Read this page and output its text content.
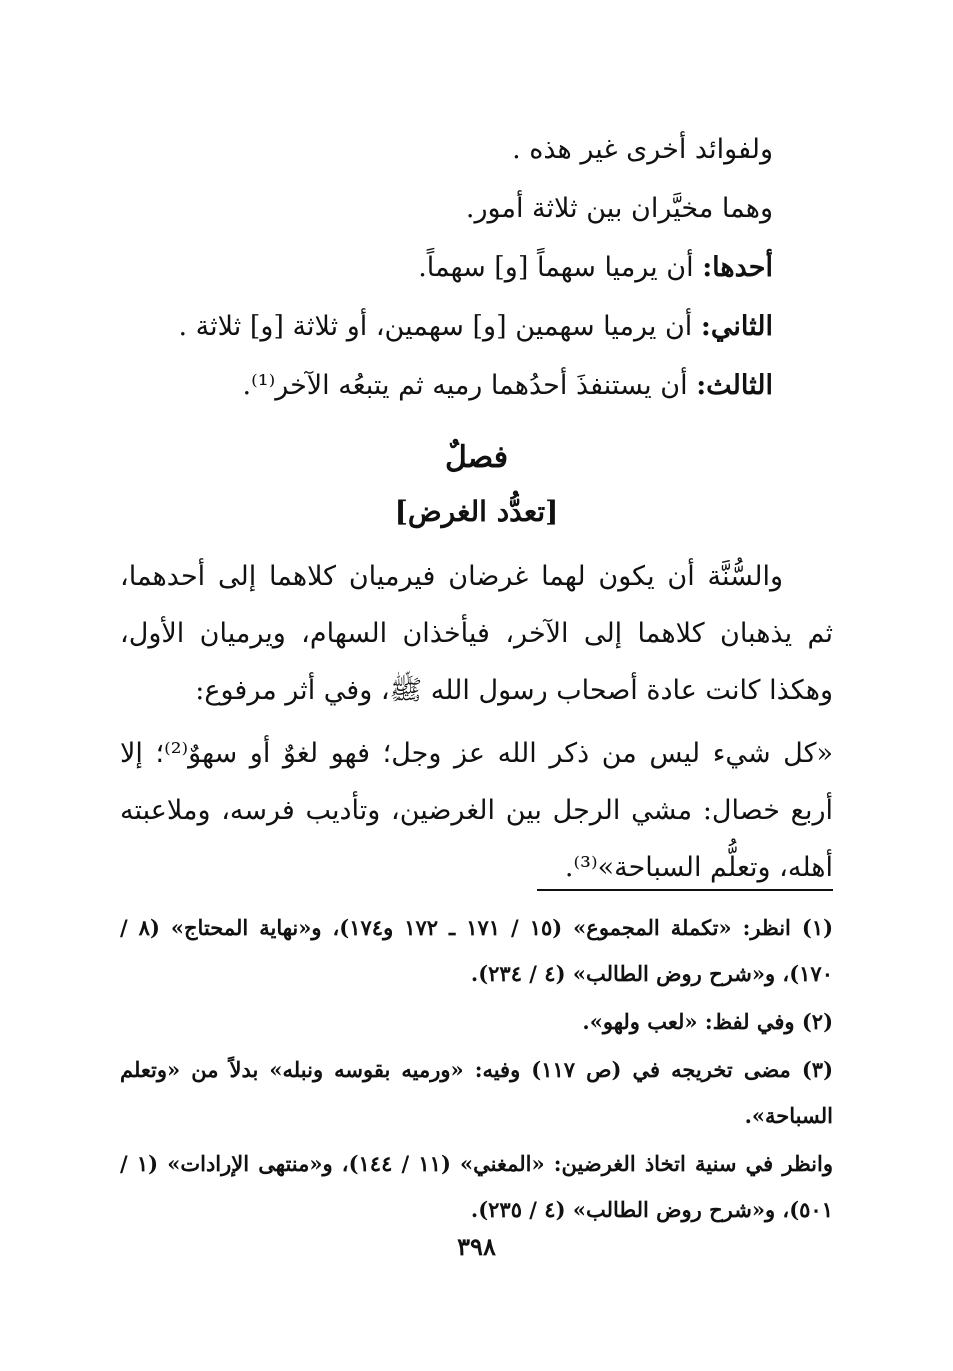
ولفوائد أخرى غير هذه .
وهما مخيَّران بين ثلاثة أمور.
أحدها: أن يرميا سهماً [و] سهماً.
الثاني: أن يرميا سهمين [و] سهمين، أو ثلاثة [و] ثلاثة .
الثالث: أن يستنفذَ أحدُهما رميه ثم يتبعُه الآخر⁽¹⁾.
فصلٌ
[تعدُّد الغرض]

والسُّنَّة أن يكون لهما غرضان فيرميان كلاهما إلى أحدهما، ثم يذهبان كلاهما إلى الآخر، فيأخذان السهام، ويرميان الأول، وهكذا كانت عادة أصحاب رسول الله ﷺ، وفي أثر مرفوع:

«كل شيء ليس من ذكر الله عز وجل؛ فهو لغوٌ أو سهوٌ⁽²⁾؛ إلا أربع خصال: مشي الرجل بين الغرضين، وتأديب فرسه، وملاعبته أهله، وتعلُّم السباحة»⁽³⁾.

(١) انظر: «تكملة المجموع» (١٥ / ١٧١ ـ ١٧٢ و١٧٤)، و«نهاية المحتاج» (٨ / ١٧٠)، و«شرح روض الطالب» (٤ / ٢٣٤).

(٢) وفي لفظ: «لعب ولهو».

(٣) مضى تخريجه في (ص ١١٧) وفيه: «ورميه بقوسه ونبله» بدلاً من «وتعلم السباحة».

وانظر في سنية اتخاذ الغرضين: «المغني» (١١ / ١٤٤)، و«منتهى الإرادات» (١ / ٥٠١)، و«شرح روض الطالب» (٤ / ٢٣٥).

٣٩٨
